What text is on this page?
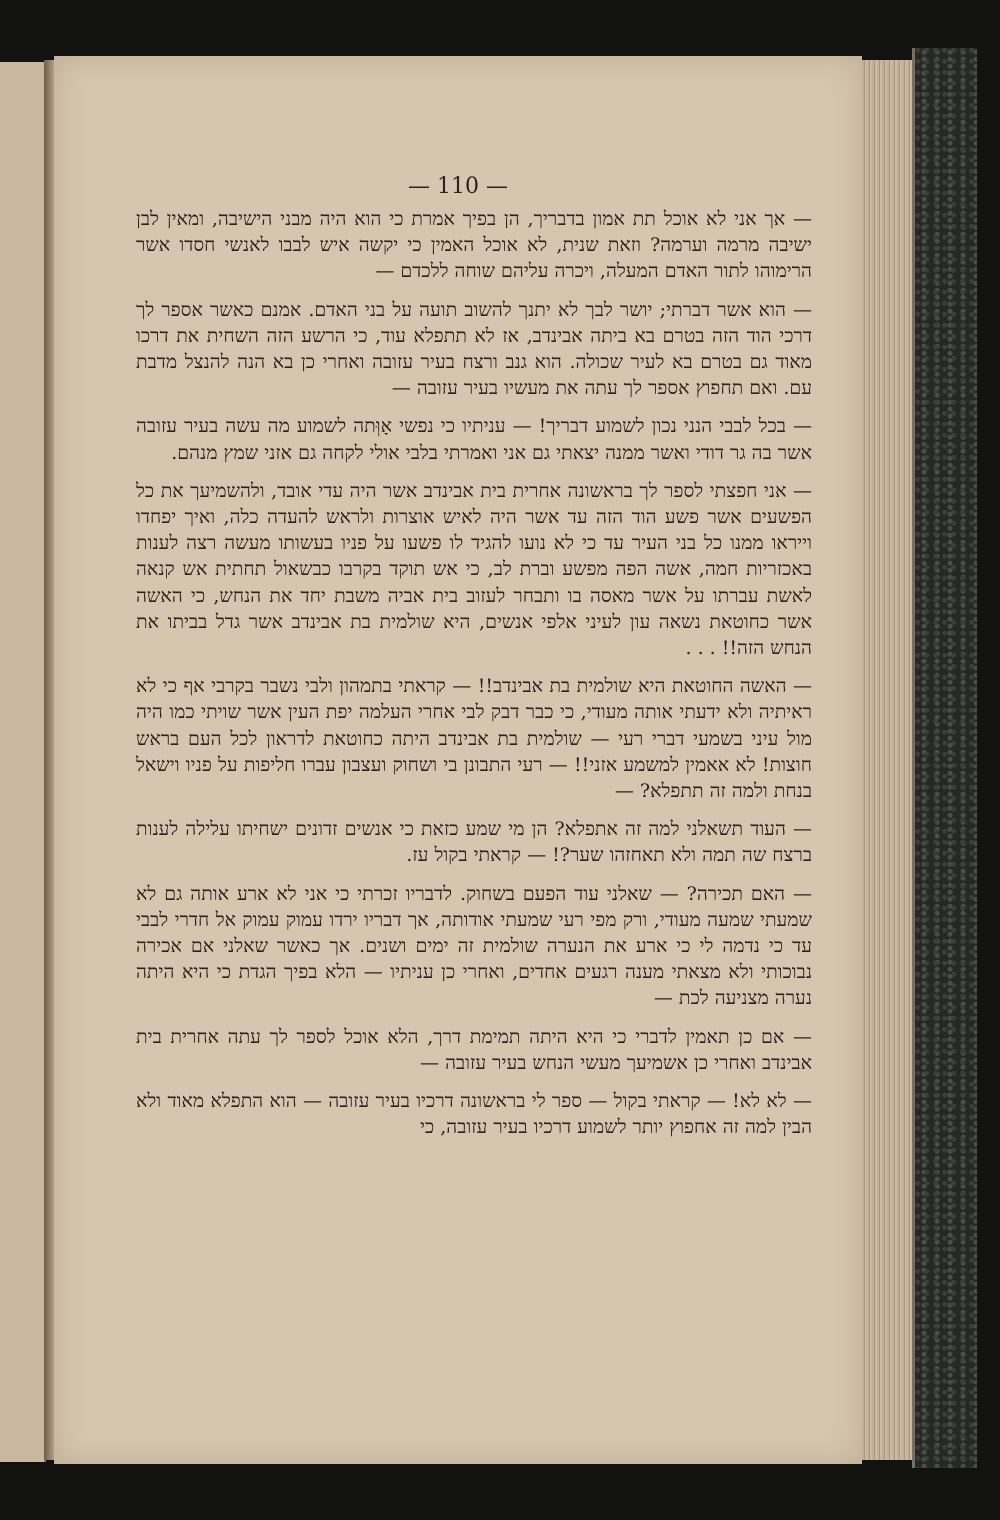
— 110 —

— אך אני לא אוכל תת אמון בדבריך, הן בפיך אמרת כי הוא היה מבני הישיבה, ומאין לבן ישיבה מרמה וערמה? וזאת שנית, לא אוכל האמין כי יקשה איש לבבו לאנשי חסדו אשר הרימוהו לתור האדם המעלה, ויכרה עליהם שוחה ללכדם —

— הוא אשר דברתי; יושר לבך לא יתנך להשוב תועה על בני האדם. אמנם כאשר אספר לך דרכי הוד הזה בטרם בא ביתה אבינדב, אז לא תתפלא עוד, כי הרשע הזה השחית את דרכו מאוד גם בטרם בא לעיר שכולה. הוא גנב ורצח בעיר עזובה ואחרי כן בא הנה להנצל מדבת עם. ואם תחפוץ אספר לך עתה את מעשיו בעיר עזובה —

— בכל לבבי הנני נכון לשמוע דבריך! — עניתיו כי נפשי אָוְּתה לשמוע מה עשה בעיר עזובה אשר בה גר דודי ואשר ממנה יצאתי גם אני ואמרתי בלבי אולי לקחה גם אזני שמץ מנהם.

— אני חפצתי לספר לך בראשונה אחרית בית אבינדב אשר היה עדי אובד, ולהשמיעך את כל הפשעים אשר פשע הוד הזה עד אשר היה לאיש אוצרות ולראש להעדה כלה, ואיך יפחדו וייראו ממנו כל בני העיר עד כי לא נועו להגיד לו פשעו על פניו בעשותו מעשה רצה לענות באכזריות חמה, אשה הפה מפשע וברת לב, כי אש תוקד בקרבו כבשאול תחתית אש קנאה לאשת עברתו על אשר מאסה בו ותבחר לעזוב בית אביה משבת יחד את הנחש, כי האשה אשר כחוטאת נשאה עון לעיני אלפי אנשים, היא שולמית בת אבינדב אשר גדל בביתו את הנחש הזה!! . . .

— האשה החוטאת היא שולמית בת אבינדב!! — קראתי בתמהון ולבי נשבר בקרבי אף כי לא ראיתיה ולא ידעתי אותה מעודי, כי כבר דבק לבי אחרי העלמה יפת העין אשר שויתי כמו היה מול עיני בשמעי דברי רעי — שולמית בת אבינדב היתה כחוטאת לדראון לכל העם בראש חוצות! לא אאמין למשמע אזני!! — רעי התבונן בי ושחוק ועצבון עברו חליפות על פניו וישאל בנחת ולמה זה תתפלא? —

— העוד תשאלני למה זה אתפלא? הן מי שמע כזאת כי אנשים זדונים ישחיתו עלילה לענות ברצח שה תמה ולא תאחזהו שער?! — קראתי בקול עז.

— האם תכירה? — שאלני עוד הפעם בשחוק. לדבריו זכרתי כי אני לא ארע אותה גם לא שמעתי שמעה מעודי, ורק מפי רעי שמעתי אודותה, אך דבריו ירדו עמוק עמוק אל חדרי לבבי עד כי נדמה לי כי ארע את הנערה שולמית זה ימים ושנים. אך כאשר שאלני אם אכירה נבוכותי ולא מצאתי מענה רגעים אחדים, ואחרי כן עניתיו — הלא בפיך הגדת כי היא היתה נערה מצניעה לכת —

— אם כן תאמין לדברי כי היא היתה תמימת דרך, הלא אוכל לספר לך עתה אחרית בית אבינדב ואחרי כן אשמיעך מעשי הנחש בעיר עזובה —

— לא לא! — קראתי בקול — ספר לי בראשונה דרכיו בעיר עזובה — הוא התפלא מאוד ולא הבין למה זה אחפוץ יותר לשמוע דרכיו בעיר עזובה, כי
